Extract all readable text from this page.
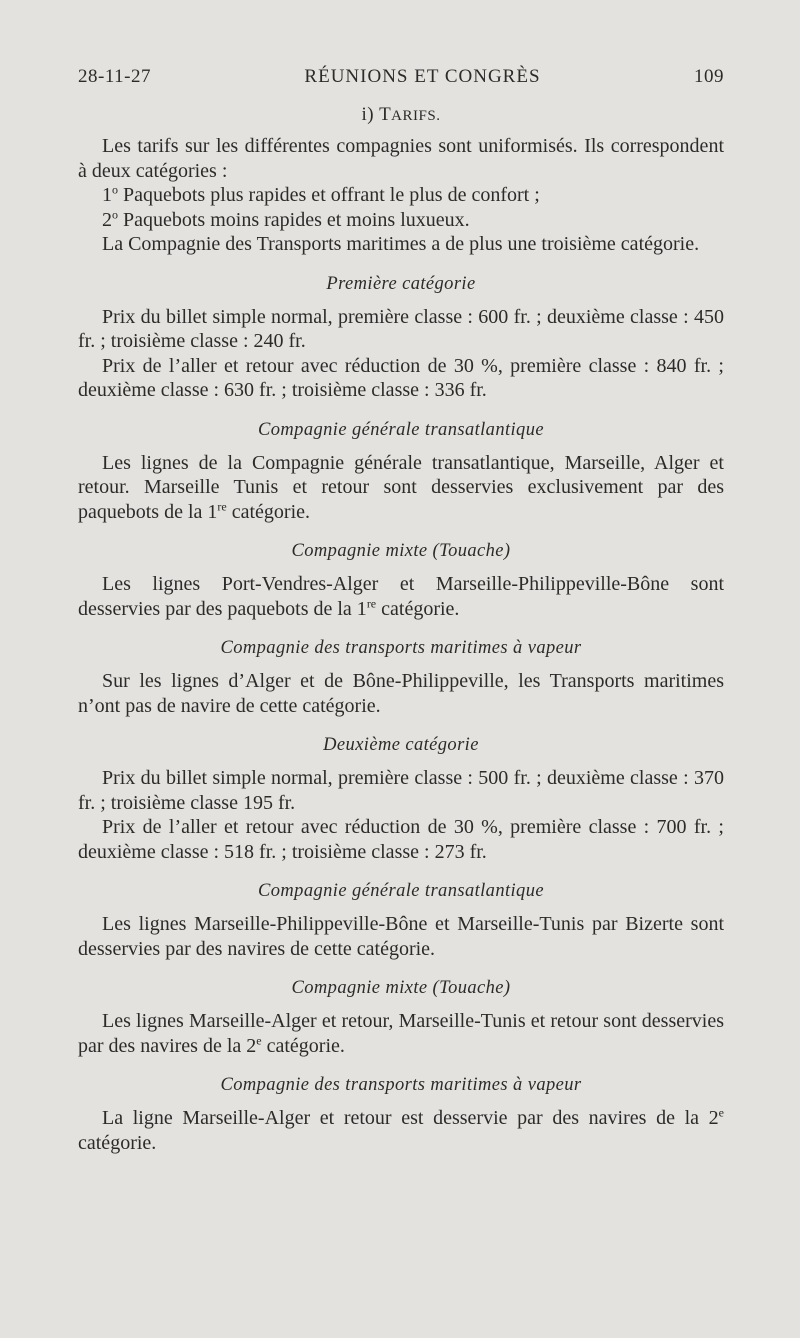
28-11-27	RÉUNIONS ET CONGRÈS	109
i) TARIFS.

Les tarifs sur les différentes compagnies sont uniformisés. Ils correspondent à deux catégories :

1$^o$ Paquebots plus rapides et offrant le plus de confort ;

2$^o$ Paquebots moins rapides et moins luxueux.

La Compagnie des Transports maritimes a de plus une troisième catégorie.

Première catégorie

Prix du billet simple normal, première classe : 600 fr. ; deuxième classe : 450 fr. ; troisième classe : 240 fr.

Prix de l’aller et retour avec réduction de 30 %, première classe : 840 fr. ; deuxième classe : 630 fr. ; troisième classe : 336 fr.

Compagnie générale transatlantique

Les lignes de la Compagnie générale transatlantique, Marseille, Alger et retour. Marseille Tunis et retour sont desservies exclusivement par des paquebots de la 1re catégorie.

Compagnie mixte (Touache)

Les lignes Port-Vendres-Alger et Marseille-Philippeville-Bône sont desservies par des paquebots de la 1re catégorie.

Compagnie des transports maritimes à vapeur

Sur les lignes d’Alger et de Bône-Philippeville, les Transports maritimes n’ont pas de navire de cette catégorie.

Deuxième catégorie

Prix du billet simple normal, première classe : 500 fr. ; deuxième classe : 370 fr. ; troisième classe 195 fr.

Prix de l’aller et retour avec réduction de 30 %, première classe : 700 fr. ; deuxième classe : 518 fr. ; troisième classe : 273 fr.

Compagnie générale transatlantique

Les lignes Marseille-Philippeville-Bône et Marseille-Tunis par Bizerte sont desservies par des navires de cette catégorie.

Compagnie mixte (Touache)

Les lignes Marseille-Alger et retour, Marseille-Tunis et retour sont desservies par des navires de la 2e catégorie.

Compagnie des transports maritimes à vapeur

La ligne Marseille-Alger et retour est desservie par des navires de la 2e catégorie.
